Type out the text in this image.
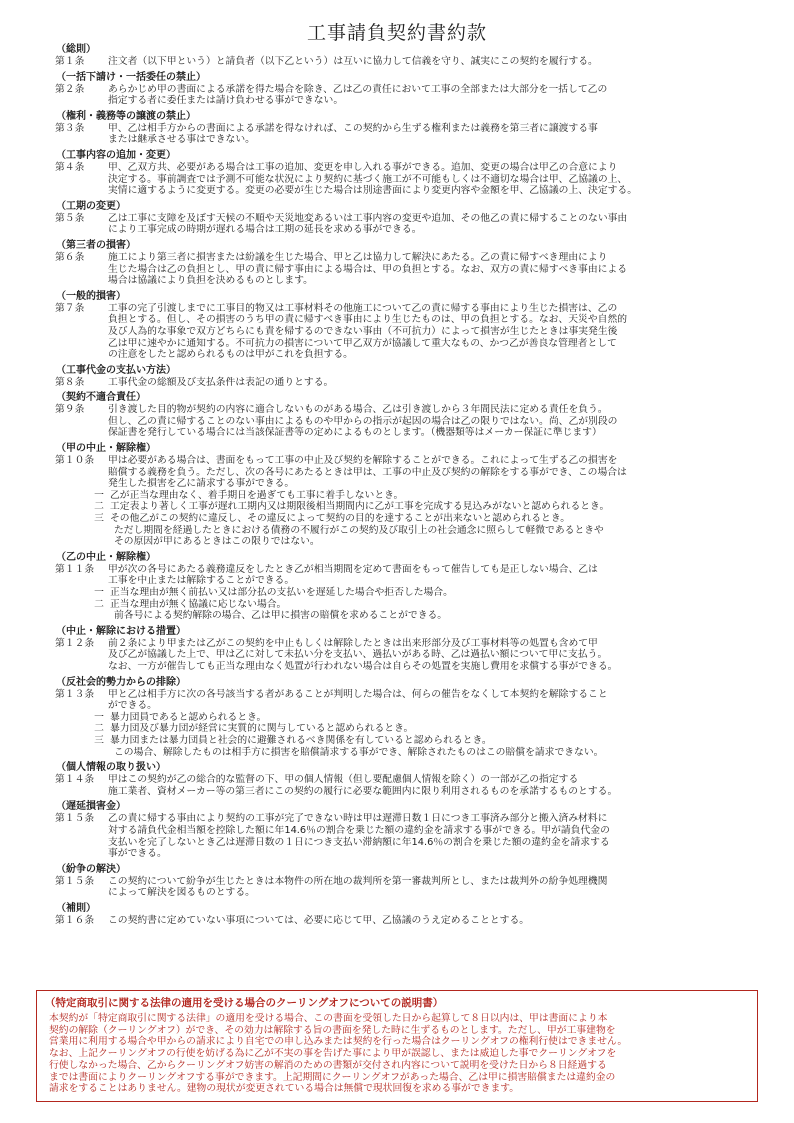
工事請負契約書約款
（総則）
第１条	注文者（以下甲という）と請負者（以下乙という）は互いに協力して信義を守り、誠実にこの契約を履行する。
（一括下請け・一括委任の禁止）
第２条	あらかじめ甲の書面による承諾を得た場合を除き、乙は乙の責任において工事の全部または大部分を一括して乙の
指定する者に委任または請け負わせる事ができない。
（権利・義務等の譲渡の禁止）
第３条	甲、乙は相手方からの書面による承諾を得なければ、この契約から生ずる権利または義務を第三者に譲渡する事
または継承させる事はできない。
（工事内容の追加・変更）
第４条	甲、乙双方共、必要がある場合は工事の追加、変更を申し入れる事ができる。追加、変更の場合は甲乙の合意により
決定する。事前調査では予測不可能な状況により契約に基づく施工が不可能もしくは不適切な場合は甲、乙協議の上、
実情に適するように変更する。変更の必要が生じた場合は別途書面により変更内容や金額を甲、乙協議の上、決定する。
（工期の変更）
第５条	乙は工事に支障を及ぼす天候の不順や天災地変あるいは工事内容の変更や追加、その他乙の責に帰することのない事由
により工事完成の時期が遅れる場合は工期の延長を求める事ができる。
（第三者の損害）
第６条	施工により第三者に損害または紛議を生じた場合、甲と乙は協力して解決にあたる。乙の責に帰すべき理由により
生じた場合は乙の負担とし、甲の責に帰す事由による場合は、甲の負担とする。なお、双方の責に帰すべき事由による
場合は協議により負担を決めるものとします。
（一般的損害）
第７条	工事の完了引渡しまでに工事目的物又は工事材料その他施工について乙の責に帰する事由により生じた損害は、乙の
負担とする。但し、その損害のうち甲の責に帰すべき事由により生じたものは、甲の負担とする。なお、天災や自然的
及び人為的な事象で双方どちらにも責を帰するのできない事由（不可抗力）によって損害が生じたときは事実発生後
乙は甲に速やかに通知する。不可抗力の損害について甲乙双方が協議して重大なもの、かつ乙が善良な管理者として
の注意をしたと認められるものは甲がこれを負担する。
（工事代金の支払い方法）
第８条	工事代金の総額及び支払条件は表記の通りとする。
（契約不適合責任）
第９条	引き渡した目的物が契約の内容に適合しないものがある場合、乙は引き渡しから３年間民法に定める責任を負う。
但し、乙の責に帰することのない事由によるものや甲からの指示が起因の場合は乙の限りではない。尚、乙が別段の
保証書を発行している場合には当該保証書等の定めによるものとします。（機器類等はメーカー保証に準じます）
（甲の中止・解除権）
第１０条	甲は必要がある場合は、書面をもって工事の中止及び契約を解除することができる。これによって生ずる乙の損害を
賠償する義務を負う。ただし、次の各号にあたるときは甲は、工事の中止及び契約の解除をする事ができ、この場合は
発生した損害を乙に請求する事ができる。
一 乙が正当な理由なく、着手期日を過ぎても工事に着手しないとき。
二 工定表より著しく工事が遅れ工期内又は期限後相当期間内に乙が工事を完成する見込みがないと認められるとき。
三 その他乙がこの契約に違反し、その違反によって契約の目的を達することが出来ないと認められるとき。
ただし期間を経過したときにおける債務の不履行がこの契約及び取引上の社会通念に照らして軽微であるときや
その原因が甲にあるときはこの限りではない。
（乙の中止・解除権）
第１１条	甲が次の各号にあたる義務違反をしたとき乙が相当期間を定めて書面をもって催告しても是正しない場合、乙は
工事を中止または解除することができる。
一 正当な理由が無く前払い又は部分払の支払いを遅延した場合や拒否した場合。
二 正当な理由が無く協議に応じない場合。
前各号による契約解除の場合、乙は甲に損害の賠償を求めることができる。
（中止・解除における措置）
第１２条	前２条により甲または乙がこの契約を中止もしくは解除したときは出来形部分及び工事材料等の処置も含めて甲
及び乙が協議した上で、甲は乙に対して未払い分を支払い、過払いがある時、乙は過払い額について甲に支払う。
なお、一方が催告しても正当な理由なく処置が行われない場合は自らその処置を実施し費用を求償する事ができる。
（反社会的勢力からの排除）
第１３条	甲と乙は相手方に次の各号該当する者があることが判明した場合は、何らの催告をなくして本契約を解除すること
ができる。
一 暴力団員であると認められるとき。
二 暴力団及び暴力団が経営に実質的に関与していると認められるとき。
三 暴力団または暴力団員と社会的に避難されるべき関係を有していると認められるとき。
この場合、解除したものは相手方に損害を賠償請求する事ができ、解除されたものはこの賠償を請求できない。
（個人情報の取り扱い）
第１４条	甲はこの契約が乙の総合的な監督の下、甲の個人情報（但し要配慮個人情報を除く）の一部が乙の指定する
施工業者、資材メーカー等の第三者にこの契約の履行に必要な範囲内に限り利用されるものを承諾するものとする。
（遅延損害金）
第１５条	乙の責に帰する事由により契約の工事が完了できない時は甲は遅滞日数１日につき工事済み部分と搬入済み材料に
対する請負代金相当額を控除した額に年14.6％の割合を乗じた額の違約金を請求する事ができる。甲が請負代金の
支払いを完了しないとき乙は遅滞日数の１日につき支払い滞納額に年14.6％の割合を乗じた額の違約金を請求する
事ができる。
（紛争の解決）
第１５条	この契約について紛争が生じたときは本物件の所在地の裁判所を第一審裁判所とし、または裁判外の紛争処理機関
によって解決を図るものとする。
（補則）
第１６条	この契約書に定めていない事項については、必要に応じて甲、乙協議のうえ定めることとする。
（特定商取引に関する法律の適用を受ける場合のクーリングオフについての説明書）
本契約が「特定商取引に関する法律」の適用を受ける場合、この書面を受領した日から起算して８日以内は、甲は書面により本
契約の解除（クーリングオフ）ができ、その効力は解除する旨の書面を発した時に生ずるものとします。ただし、甲が工事建物を
営業用に利用する場合や甲からの請求により自宅での申し込みまたは契約を行った場合はクーリングオフの権利行使はできません。
なお、上記クーリングオフの行使を妨げる為に乙が不実の事を告げた事により甲が誤認し、または威迫した事でクーリングオフを
行使しなかった場合、乙からクーリングオフ妨害の解消のための書類が交付され内容について説明を受けた日から８日経過する
までは書面によりクーリングオフする事ができます。上記期間にクーリングオフがあった場合、乙は甲に損害賠償または違約金の
請求をすることはありません。建物の現状が変更されている場合は無償で現状回復を求める事ができます。
